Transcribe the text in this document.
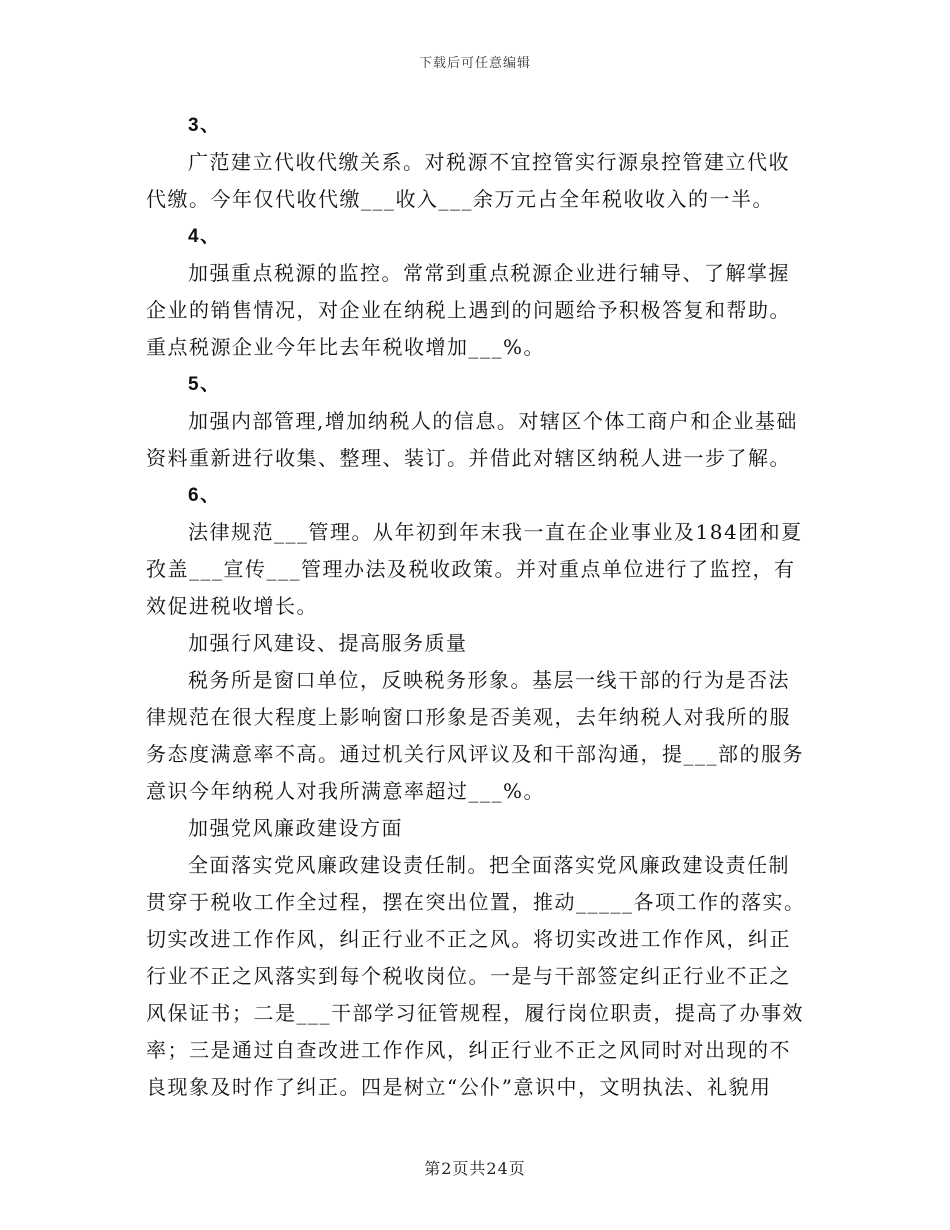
下载后可任意编辑
3、
广范建立代收代缴关系。对税源不宜控管实行源泉控管建立代收
代缴。今年仅代收代缴___收入___余万元占全年税收收入的一半。
4、
加强重点税源的监控。常常到重点税源企业进行辅导、了解掌握
企业的销售情况，对企业在纳税上遇到的问题给予积极答复和帮助。
重点税源企业今年比去年税收增加___%。
5、
加强内部管理,增加纳税人的信息。对辖区个体工商户和企业基础
资料重新进行收集、整理、装订。并借此对辖区纳税人进一步了解。
6、
法律规范___管理。从年初到年末我一直在企业事业及184团和夏
孜盖___宣传___管理办法及税收政策。并对重点单位进行了监控，有
效促进税收增长。
加强行风建设、提高服务质量
税务所是窗口单位，反映税务形象。基层一线干部的行为是否法
律规范在很大程度上影响窗口形象是否美观，去年纳税人对我所的服
务态度满意率不高。通过机关行风评议及和干部沟通，提___部的服务
意识今年纳税人对我所满意率超过___%。
加强党风廉政建设方面
全面落实党风廉政建设责任制。把全面落实党风廉政建设责任制
贯穿于税收工作全过程，摆在突出位置，推动_____各项工作的落实。
切实改进工作作风，纠正行业不正之风。将切实改进工作作风，纠正
行业不正之风落实到每个税收岗位。一是与干部签定纠正行业不正之
风保证书；二是___干部学习征管规程，履行岗位职责，提高了办事效
率；三是通过自查改进工作作风，纠正行业不正之风同时对出现的不
良现象及时作了纠正。四是树立“公仆”意识中，文明执法、礼貌用
第2页共24页
